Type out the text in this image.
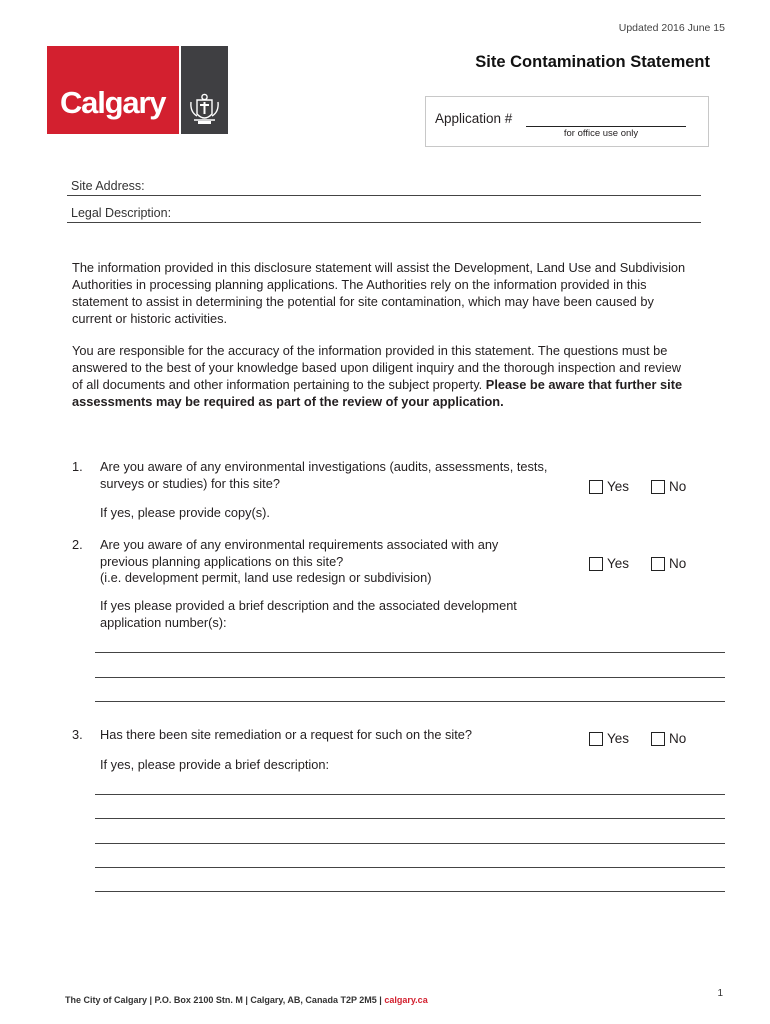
Updated 2016 June 15
Calgary
Site Contamination Statement
Application #
for office use only
Site Address:
Legal Description:

The information provided in this disclosure statement will assist the Development, Land Use and Subdivision Authorities in processing planning applications. The Authorities rely on the information provided in this statement to assist in determining the potential for site contamination, which may have been caused by current or historic activities.

You are responsible for the accuracy of the information provided in this statement. The questions must be answered to the best of your knowledge based upon diligent inquiry and the thorough inspection and review of all documents and other information pertaining to the subject property. Please be aware that further site assessments may be required as part of the review of your application.

1. Are you aware of any environmental investigations (audits, assessments, tests, surveys or studies) for this site?	Yes	No
If yes, please provide copy(s).
2. Are you aware of any environmental requirements associated with any previous planning applications on this site?
(i.e. development permit, land use redesign or subdivision)
Yes	No
If yes please provided a brief description and the associated development application number(s):
3. Has there been site remediation or a request for such on the site?	Yes	No
If yes, please provide a brief description:
The City of Calgary | P.O. Box 2100 Stn. M | Calgary, AB, Canada T2P 2M5 | calgary.ca
1
